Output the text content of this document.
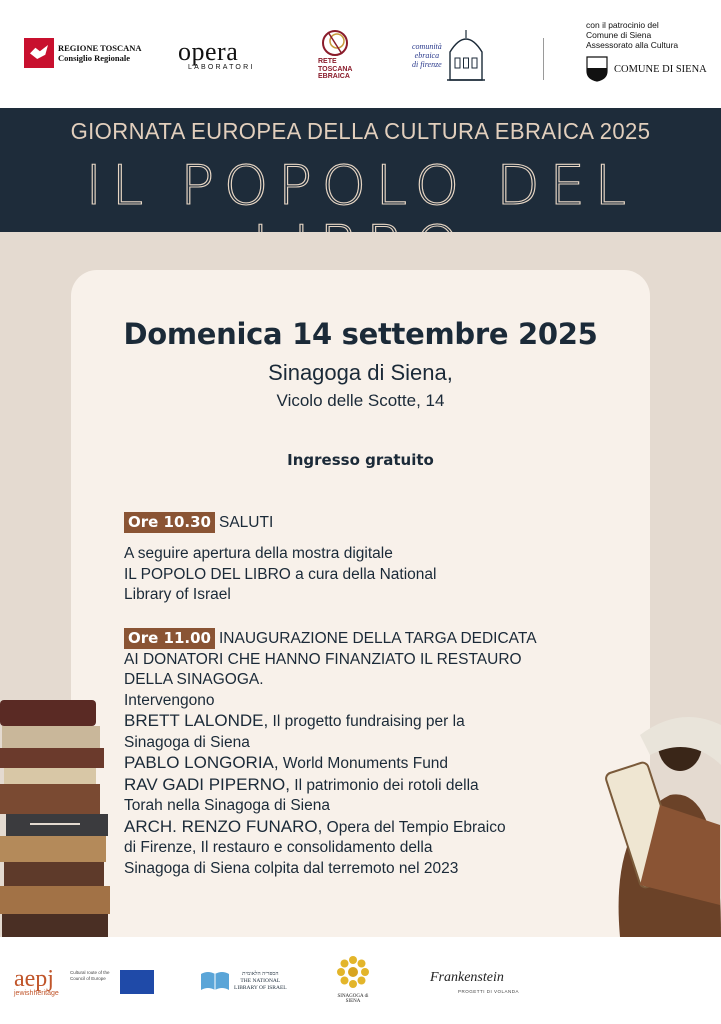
REGIONE TOSCANA
Consiglio Regionale	opera
LABORATORI
RETE
TOSCANA
EBRAICA
comunità
ebraica
di firenze
con il patrocinio del
Comune di Siena
Assessorato alla Cultura
COMUNE DI SIENA
GIORNATA EUROPEA DELLA CULTURA EBRAICA 2025
IL POPOLO DEL
Domenica 14 settembre 2025
Sinagoga di Siena,
Vicolo delle Scotte, 14
Ingresso gratuito
Ore 10.30 SALUTI
A seguire apertura della mostra digitale
IL POPOLO DEL LIBRO a cura della National
Library of Israel
Ore 11.00 INAUGURAZIONE DELLA TARGA DEDICATA
AI DONATORI CHE HANNO FINANZIATO IL RESTAURO
DELLA SINAGOGA.
Intervengono
BRETT LALONDE, Il progetto fundraising per la
Sinagoga di Siena
PABLO LONGORIA, World Monuments Fund
RAV GADI PIPERNO, Il patrimonio dei rotoli della
Torah nella Sinagoga di Siena
ARCH. RENZO FUNARO, Opera del Tempio Ebraico
di Firenze, Il restauro e consolidamento della
Sinagoga di Siena colpita dal terremoto nel 2023
aepj
jewishheritage
Cultural route of the Council of Europe
הספריה הלאומית
THE NATIONAL
LIBRARY OF ISRAEL
SINAGOGA di SIENA
Frankenstein
PROGETTI DI VOLANDA
